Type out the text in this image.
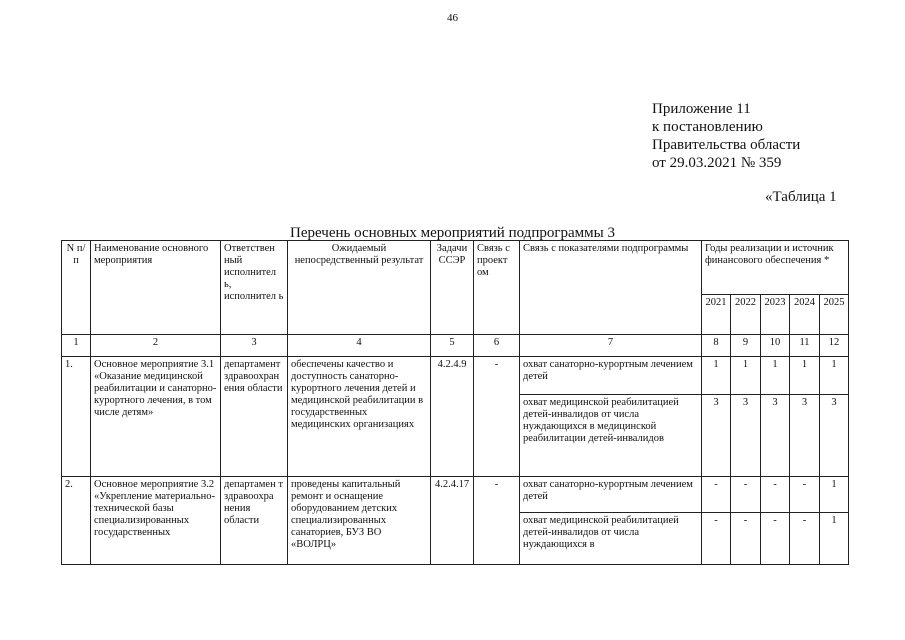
46
Приложение 11
к постановлению
Правительства области
от 29.03.2021 № 359
«Таблица 1
Перечень основных мероприятий подпрограммы 3
N п/п	Наименование основного мероприятия	Ответствен ный исполнител ь, исполнител ь	Ожидаемый непосредственный результат	Задачи ССЭР	Связь с проект ом	Связь с показателями подпрограммы	Годы реализации и источник финансового обеспечения *				
							2021	2022	2023	2024	2025
1	2	3	4	5	6	7	8	9	10	11	12
1.	Основное мероприятие 3.1 «Оказание медицинской реабилитации и санаторно-курортного лечения, в том числе детям»	департамент здравоохран ения области	обеспечены качество и доступность санаторно-курортного лечения детей и медицинской реабилитации в государственных медицинских организациях	4.2.4.9	-	охват санаторно-курортным лечением детей	1	1	1	1	1
						охват медицинской реабилитацией детей-инвалидов от числа нуждающихся в медицинской реабилитации детей-инвалидов	3	3	3	3	3
2.	Основное мероприятие 3.2 «Укрепление материально-технической базы специализированных государственных	департамен т здравоохра нения области	проведены капитальный ремонт и оснащение оборудованием детских специализированных санаториев, БУЗ ВО «ВОЛРЦ»	4.2.4.17	-	охват санаторно-курортным лечением детей	-	-	-	-	1
						охват медицинской реабилитацией детей-инвалидов от числа нуждающихся в	-	-	-	-	1
